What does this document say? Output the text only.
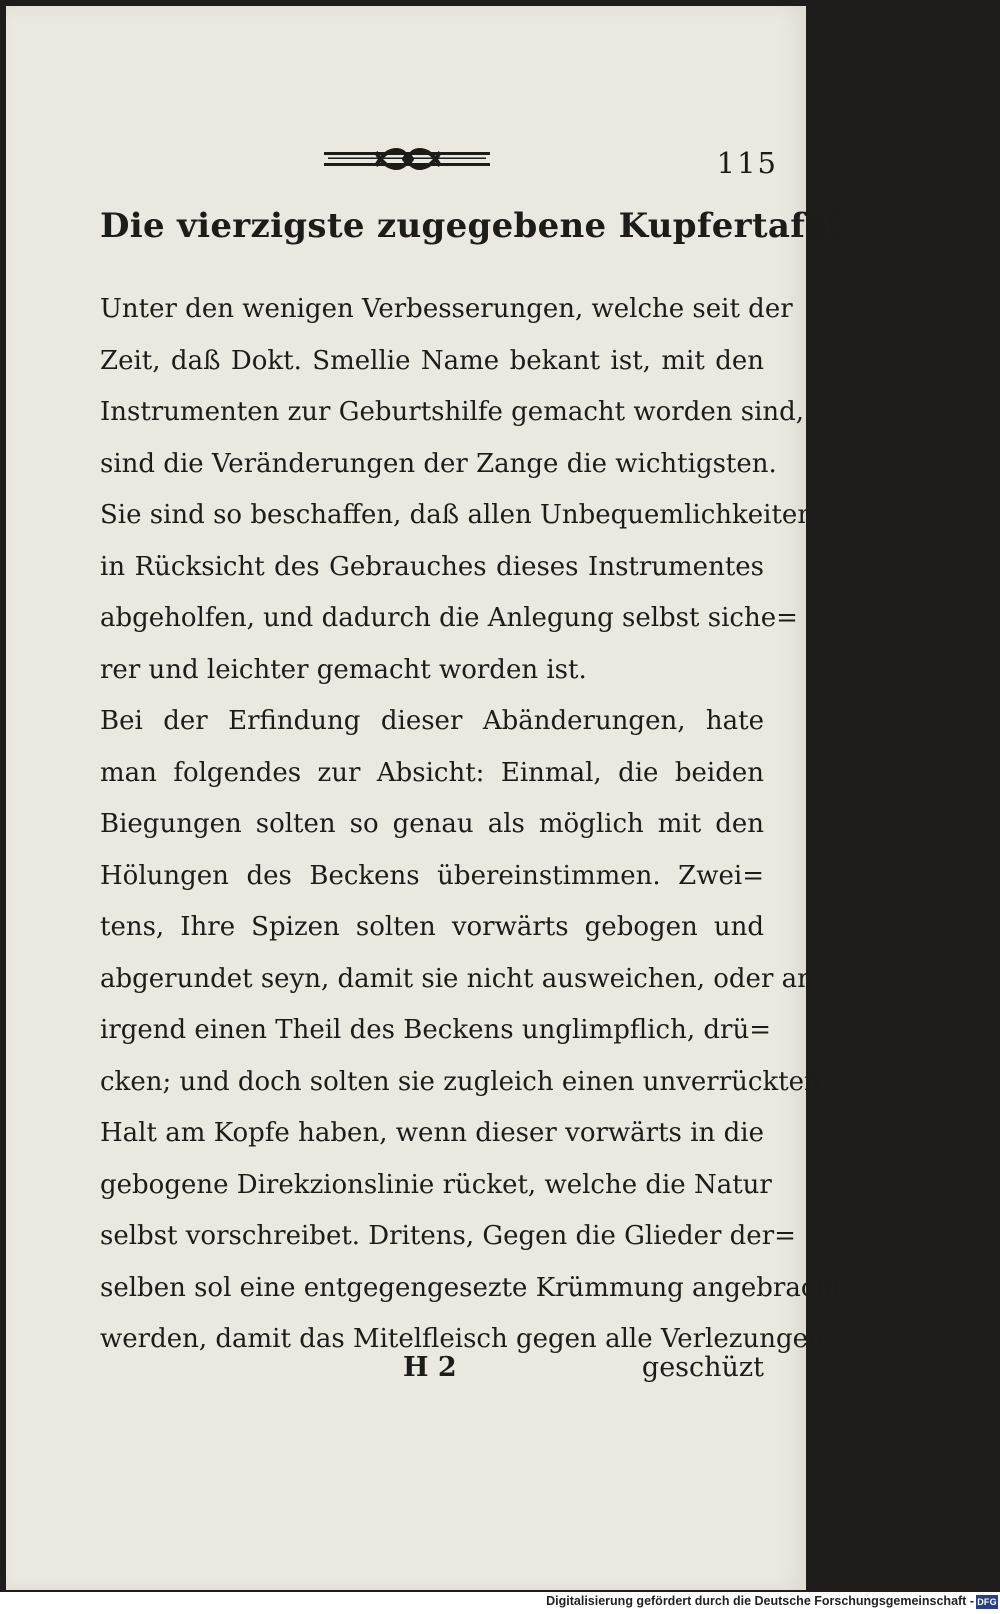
115
Die vierzigste zugegebene Kupfertafel.
Unter den wenigen Verbesserungen, welche seit der
Zeit, daß Dokt. Smellie Name bekant ist, mit den
Instrumenten zur Geburtshilfe gemacht worden sind,
sind die Veränderungen der Zange die wichtigsten.
Sie sind so beschaffen, daß allen Unbequemlichkeiten
in Rücksicht des Gebrauches dieses Instrumentes
abgeholfen, und dadurch die Anlegung selbst siche=
rer und leichter gemacht worden ist.
Bei der Erfindung dieser Abänderungen, hate
man folgendes zur Absicht: Einmal, die beiden
Biegungen solten so genau als möglich mit den
Hölungen des Beckens übereinstimmen. Zwei=
tens, Ihre Spizen solten vorwärts gebogen und
abgerundet seyn, damit sie nicht ausweichen, oder an
irgend einen Theil des Beckens unglimpflich, drü=
cken; und doch solten sie zugleich einen unverrückten
Halt am Kopfe haben, wenn dieser vorwärts in die
gebogene Direkzionslinie rücket, welche die Natur
selbst vorschreibet. Dritens, Gegen die Glieder der=
selben sol eine entgegengesezte Krümmung angebracht
werden, damit das Mitelfleisch gegen alle Verlezungen
H 2	geschüzt
Digitalisierung gefördert durch die Deutsche Forschungsgemeinschaft - DFG
